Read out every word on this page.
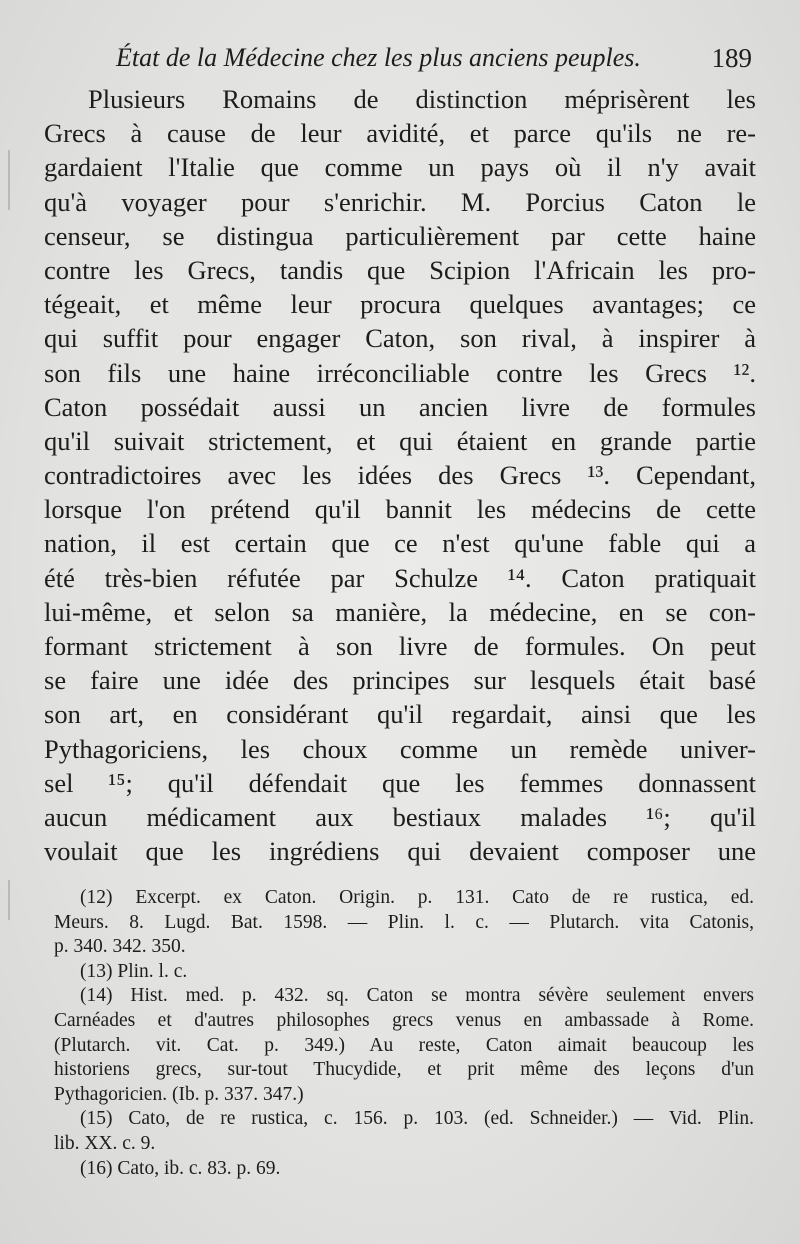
État de la Médecine chez les plus anciens peuples.	189
Plusieurs Romains de distinction méprisèrent les
Grecs à cause de leur avidité, et parce qu'ils ne re-
gardaient l'Italie que comme un pays où il n'y avait
qu'à voyager pour s'enrichir. M. Porcius Caton le
censeur, se distingua particulièrement par cette haine
contre les Grecs, tandis que Scipion l'Africain les pro-
tégeait, et même leur procura quelques avantages; ce
qui suffit pour engager Caton, son rival, à inspirer à
son fils une haine irréconciliable contre les Grecs ¹².
Caton possédait aussi un ancien livre de formules
qu'il suivait strictement, et qui étaient en grande partie
contradictoires avec les idées des Grecs ¹³. Cependant,
lorsque l'on prétend qu'il bannit les médecins de cette
nation, il est certain que ce n'est qu'une fable qui a
été très-bien réfutée par Schulze ¹⁴. Caton pratiquait
lui-même, et selon sa manière, la médecine, en se con-
formant strictement à son livre de formules. On peut
se faire une idée des principes sur lesquels était basé
son art, en considérant qu'il regardait, ainsi que les
Pythagoriciens, les choux comme un remède univer-
sel ¹⁵; qu'il défendait que les femmes donnassent
aucun médicament aux bestiaux malades ¹⁶; qu'il
voulait que les ingrédiens qui devaient composer une
(12) Excerpt. ex Caton. Origin. p. 131. Cato de re rustica, ed.
Meurs. 8. Lugd. Bat. 1598. — Plin. l. c. — Plutarch. vita Catonis,
p. 340. 342. 350.
(13) Plin. l. c.
(14) Hist. med. p. 432. sq. Caton se montra sévère seulement envers
Carnéades et d'autres philosophes grecs venus en ambassade à Rome.
(Plutarch. vit. Cat. p. 349.) Au reste, Caton aimait beaucoup les
historiens grecs, sur-tout Thucydide, et prit même des leçons d'un
Pythagoricien. (Ib. p. 337. 347.)
(15) Cato, de re rustica, c. 156. p. 103. (ed. Schneider.) — Vid. Plin.
lib. XX. c. 9.
(16) Cato, ib. c. 83. p. 69.
